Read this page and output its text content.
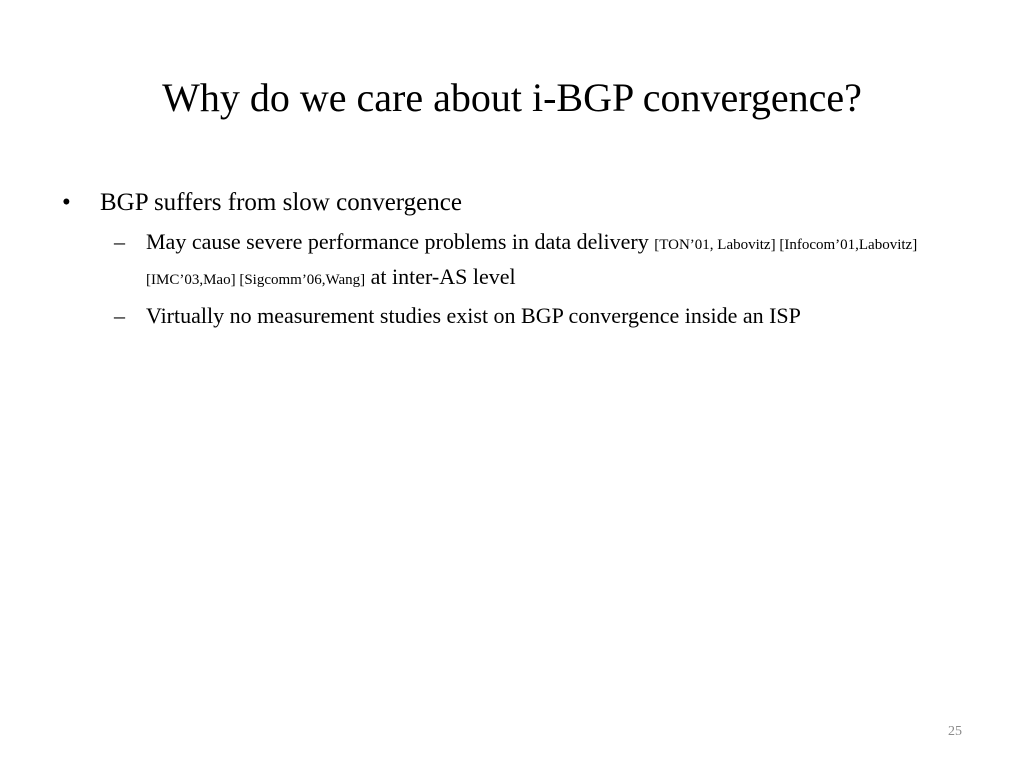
Why do we care about i-BGP convergence?
• BGP suffers from slow convergence
– May cause severe performance problems in data delivery [TON’01, Labovitz] [Infocom’01,Labovitz] [IMC’03,Mao] [Sigcomm’06,Wang] at inter-AS level
– Virtually no measurement studies exist on BGP convergence inside an ISP
25
